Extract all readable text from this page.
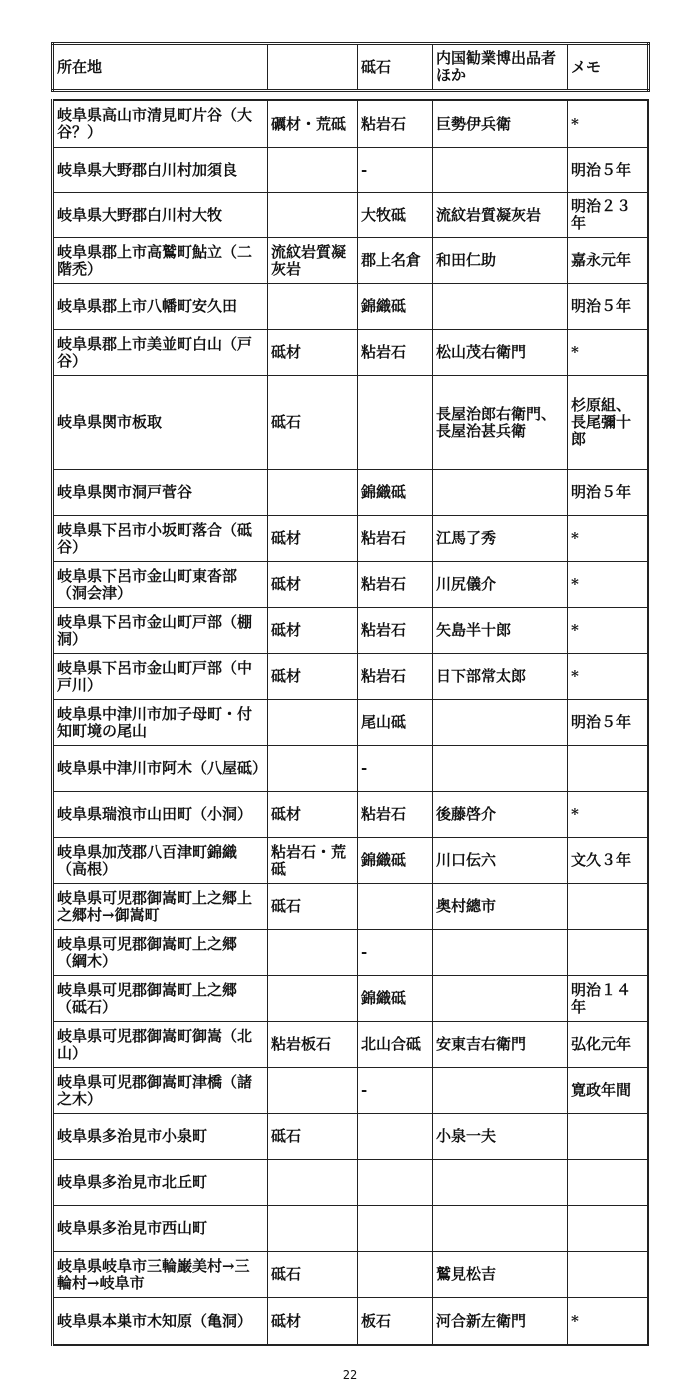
所在地		砥石	内国勧業博出品者ほか	メモ
岐阜県高山市清見町片谷（大谷？）	礪材・荒砥	粘岩石	巨勢伊兵衛	*
岐阜県大野郡白川村加須良		-		明治５年
岐阜県大野郡白川村大牧		大牧砥	流紋岩質凝灰岩	明治２３年
岐阜県郡上市高鷲町鮎立（二階禿）	流紋岩質凝灰岩	郡上名倉	和田仁助	嘉永元年
岐阜県郡上市八幡町安久田		錦織砥		明治５年
岐阜県郡上市美並町白山（戸谷）	砥材	粘岩石	松山茂右衛門	*
岐阜県関市板取	砥石		長屋治郎右衛門、長屋治甚兵衛	杉原組、長尾彌十郎
岐阜県関市洞戸菅谷		錦織砥		明治５年
岐阜県下呂市小坂町落合（砥谷）	砥材	粘岩石	江馬了秀	*
岐阜県下呂市金山町東沓部（洞会津）	砥材	粘岩石	川尻儀介	*
岐阜県下呂市金山町戸部（棚洞）	砥材	粘岩石	矢島半十郎	*
岐阜県下呂市金山町戸部（中戸川）	砥材	粘岩石	日下部常太郎	*
岐阜県中津川市加子母町・付知町境の尾山		尾山砥		明治５年
岐阜県中津川市阿木（八屋砥）		-		
岐阜県瑞浪市山田町（小洞）	砥材	粘岩石	後藤啓介	*
岐阜県加茂郡八百津町錦織（高根）	粘岩石・荒砥	錦織砥	川口伝六	文久３年
岐阜県可児郡御嵩町上之郷上之郷村→御嵩町	砥石		奥村總市	
岐阜県可児郡御嵩町上之郷（綱木）		-		
岐阜県可児郡御嵩町上之郷（砥石）		錦織砥		明治１４年
岐阜県可児郡御嵩町御嵩（北山）	粘岩板石	北山合砥	安東吉右衛門	弘化元年
岐阜県可児郡御嵩町津橋（諸之木）		-		寛政年間
岐阜県多治見市小泉町	砥石		小泉一夫	
岐阜県多治見市北丘町				
岐阜県多治見市西山町				
岐阜県岐阜市三輪巌美村→三輪村→岐阜市	砥石		鷲見松吉	
岐阜県本巣市木知原（亀洞）	砥材	板石	河合新左衛門	*
22
